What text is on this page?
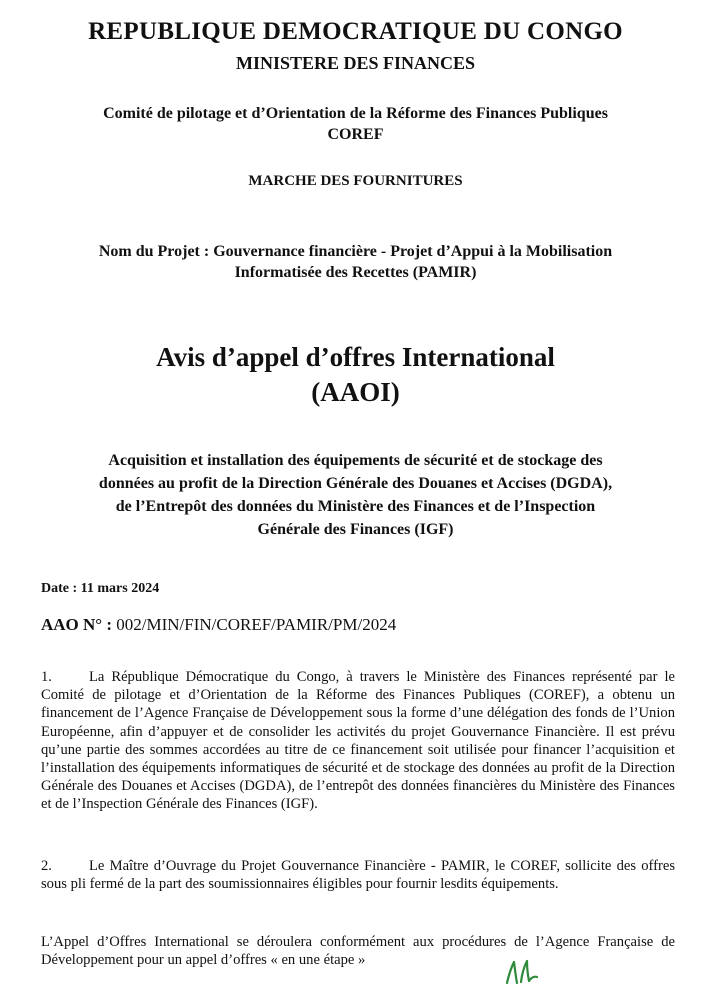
REPUBLIQUE DEMOCRATIQUE DU CONGO
MINISTERE DES FINANCES
Comité de pilotage et d’Orientation de la Réforme des Finances Publiques
COREF
MARCHE DES FOURNITURES
Nom du Projet : Gouvernance financière - Projet d’Appui à la Mobilisation
Informatisée des Recettes (PAMIR)
Avis d’appel d’offres International
(AAOI)
Acquisition et installation des équipements de sécurité et de stockage des
données au profit de la Direction Générale des Douanes et Accises (DGDA),
de l’Entrepôt des données du Ministère des Finances et de l’Inspection
Générale des Finances (IGF)
Date : 11 mars 2024
AAO N° : 002/MIN/FIN/COREF/PAMIR/PM/2024
1.	La République Démocratique du Congo, à travers le Ministère des Finances représenté par le Comité de pilotage et d’Orientation de la Réforme des Finances Publiques (COREF), a obtenu un financement de l’Agence Française de Développement sous la forme d’une délégation des fonds de l’Union Européenne, afin d’appuyer et de consolider les activités du projet Gouvernance Financière. Il est prévu qu’une partie des sommes accordées au titre de ce financement soit utilisée pour financer l’acquisition et l’installation des équipements informatiques de sécurité et de stockage des données au profit de la Direction Générale des Douanes et Accises (DGDA), de l’entrepôt des données financières du Ministère des Finances et de l’Inspection Générale des Finances (IGF).
2.	Le Maître d’Ouvrage du Projet Gouvernance Financière - PAMIR, le COREF, sollicite des offres sous pli fermé de la part des soumissionnaires éligibles pour fournir lesdits équipements.
L’Appel d’Offres International se déroulera conformément aux procédures de l’Agence Française de Développement pour un appel d’offres « en une étape »
